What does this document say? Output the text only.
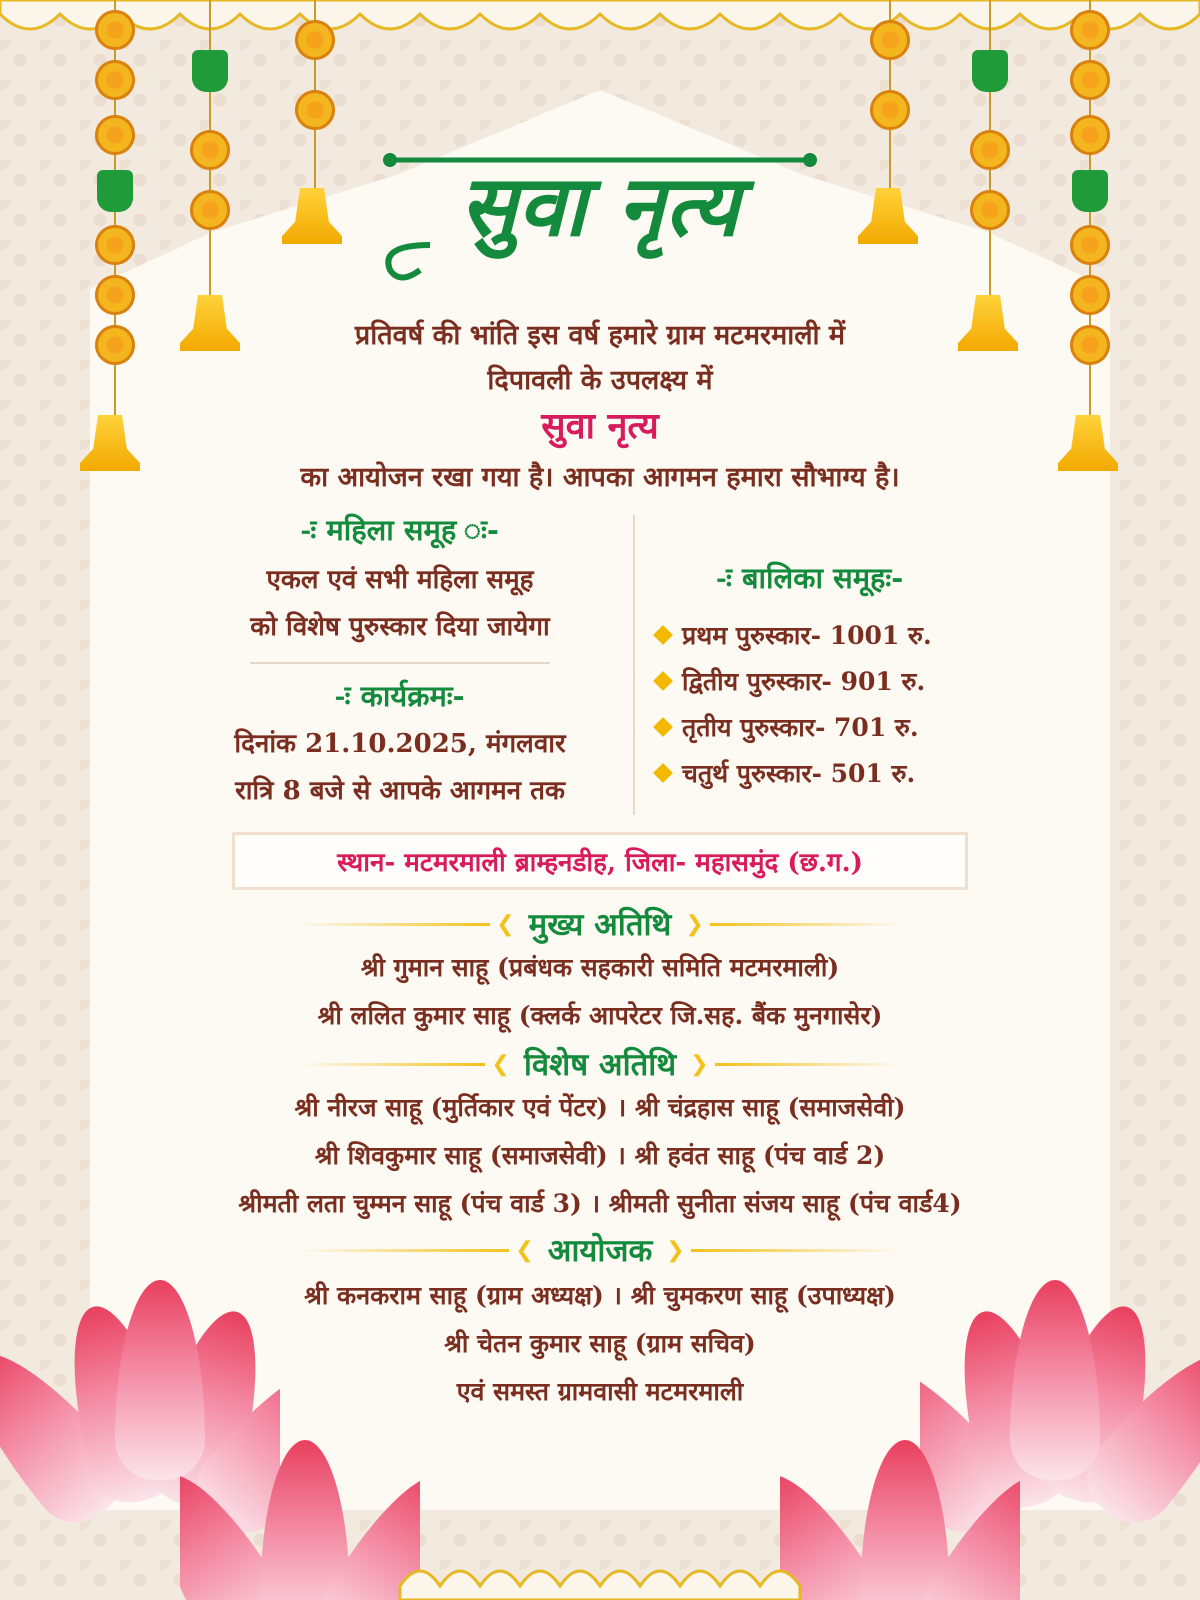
सुवा नृत्य
प्रतिवर्ष की भांति इस वर्ष हमारे ग्राम मटमरमाली में
दिपावली के उपलक्ष्य में
सुवा नृत्य
का आयोजन रखा गया है। आपका आगमन हमारा सौभाग्य है।
-ः महिला समूह ः-
एकल एवं सभी महिला समूह
को विशेष पुरुस्कार दिया जायेगा
-ः कार्यक्रमः-
दिनांक 21.10.2025, मंगलवार
रात्रि 8 बजे से आपके आगमन तक
-ः बालिका समूहः-
प्रथम पुरुस्कार- 1001 रु.
द्वितीय पुरुस्कार- 901 रु.
तृतीय पुरुस्कार- 701 रु.
चतुर्थ पुरुस्कार- 501 रु.
स्थान- मटमरमाली ब्राम्हनडीह, जिला- महासमुंद (छ.ग.)
❮ मुख्य अतिथि ❯
श्री गुमान साहू (प्रबंधक सहकारी समिति मटमरमाली)
श्री ललित कुमार साहू (क्लर्क आपरेटर जि.सह. बैंक मुनगासेर)
❮ विशेष अतिथि ❯
श्री नीरज साहू (मुर्तिकार एवं पेंटर) । श्री चंद्रहास साहू (समाजसेवी)
श्री शिवकुमार साहू (समाजसेवी) । श्री हवंत साहू (पंच वार्ड 2)
श्रीमती लता चुम्मन साहू (पंच वार्ड 3) । श्रीमती सुनीता संजय साहू (पंच वार्ड4)
❮ आयोजक ❯
श्री कनकराम साहू (ग्राम अध्यक्ष) । श्री चुमकरण साहू (उपाध्यक्ष)
श्री चेतन कुमार साहू (ग्राम सचिव)
एवं समस्त ग्रामवासी मटमरमाली
